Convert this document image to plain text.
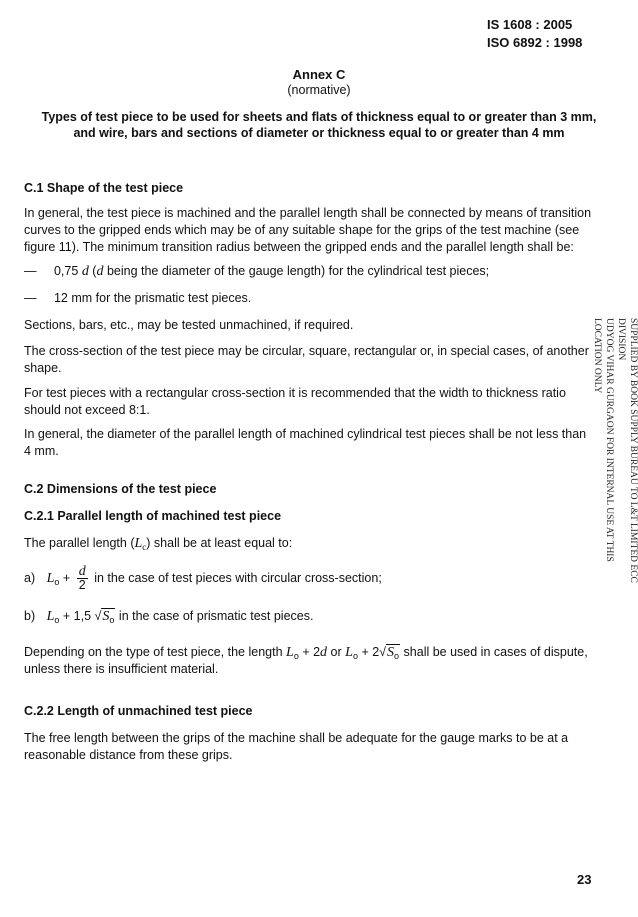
IS 1608 : 2005
ISO 6892 : 1998
Annex C
(normative)
Types of test piece to be used for sheets and flats of thickness equal to or greater than 3 mm,
and wire, bars and sections of diameter or thickness equal to or greater than 4 mm
C.1 Shape of the test piece
In general, the test piece is machined and the parallel length shall be connected by means of transition curves to the gripped ends which may be of any suitable shape for the grips of the test machine (see figure 11). The minimum transition radius between the gripped ends and the parallel length shall be:
— 0,75 d (d being the diameter of the gauge length) for the cylindrical test pieces;
— 12 mm for the prismatic test pieces.
Sections, bars, etc., may be tested unmachined, if required.
The cross-section of the test piece may be circular, square, rectangular or, in special cases, of another shape.
For test pieces with a rectangular cross-section it is recommended that the width to thickness ratio should not exceed 8:1.
In general, the diameter of the parallel length of machined cylindrical test pieces shall be not less than 4 mm.
C.2 Dimensions of the test piece
C.2.1 Parallel length of machined test piece
The parallel length $(L_c)$ shall be at least equal to:
a) $L_o + \frac{d}{2}$ in the case of test pieces with circular cross-section;
b) $L_o + 1,5$ $√S_o$ in the case of prismatic test pieces.
Depending on the type of test piece, the length $L_o + 2d$ or $L_o + 2√S_o$ shall be used in cases of dispute,
unless there is insufficient material.
C.2.2 Length of unmachined test piece
The free length between the grips of the machine shall be adequate for the gauge marks to be at a reasonable distance from these grips.
SUPPLIED BY BOOK SUPPLY BUREAU TO L&T LIMITED ECC DIVISION
UDYOG VIHAR GURGAON FOR INTERNAL USE AT THIS LOCATION ONLY
23
